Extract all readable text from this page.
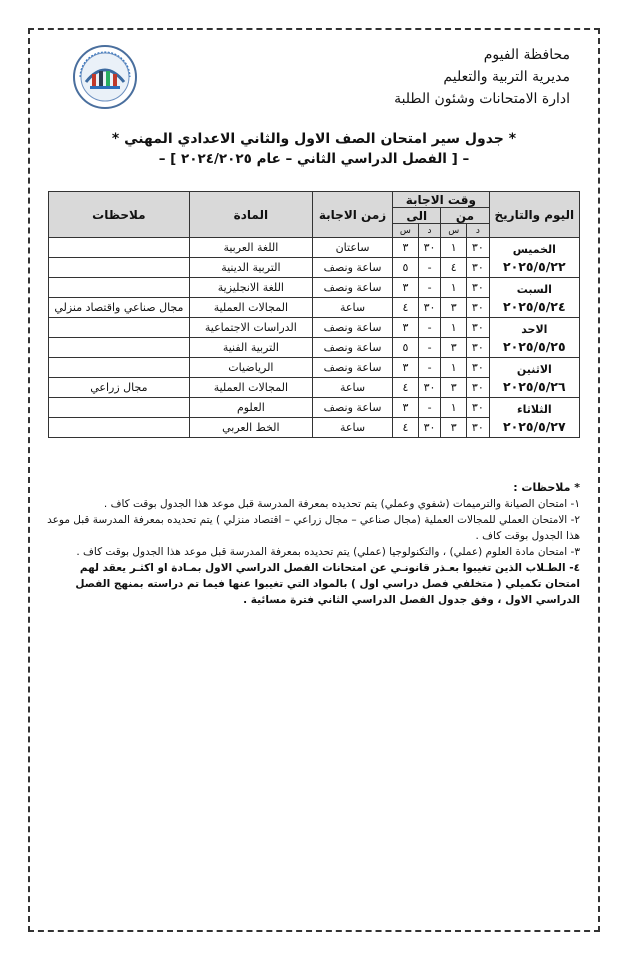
محافظة الفيوم
مديرية التربية والتعليم
ادارة الامتحانات وشئون الطلبة
* جدول سير امتحان الصف الاول والثاني الاعدادي المهني *
– [ الفصل الدراسي الثاني – عام ٢٠٢٤/٢٠٢٥ ] –
اليوم والتاريخ	وقت الاجابة				زمن الاجابة	المادة	ملاحظات
	من		الى				
	د	س	د	س			

الخميس
٢٠٢٥/٥/٢٢	٣٠	١	٣٠	٣	ساعتان	اللغة العربية	
	٣٠	٤	-	٥	ساعة ونصف	التربية الدينية	

السبت
٢٠٢٥/٥/٢٤	٣٠	١	-	٣	ساعة ونصف	اللغة الانجليزية	
	٣٠	٣	٣٠	٤	ساعة	المجالات العملية	مجال صناعي واقتصاد منزلي

الاحد
٢٠٢٥/٥/٢٥	٣٠	١	-	٣	ساعة ونصف	الدراسات الاجتماعية	
	٣٠	٣	-	٥	ساعة ونصف	التربية الفنية	

الاثنين
٢٠٢٥/٥/٢٦	٣٠	١	-	٣	ساعة ونصف	الرياضيات	
	٣٠	٣	٣٠	٤	ساعة	المجالات العملية	مجال زراعي

الثلاثاء
٢٠٢٥/٥/٢٧	٣٠	١	-	٣	ساعة ونصف	العلوم	
	٣٠	٣	٣٠	٤	ساعة	الخط العربي	

* ملاحظات :

١- امتحان الصيانة والترميمات (شفوي وعملي) يتم تحديده بمعرفة المدرسة قبل موعد هذا الجدول بوقت كاف .

٢- الامتحان العملي للمجالات العملية (مجال صناعي – مجال زراعي – اقتصاد منزلي ) يتم تحديده بمعرفة المدرسة قبل موعد هذا الجدول بوقت كاف .

٣- امتحان مادة العلوم (عملي) ، والتكنولوجيا (عملي) يتم تحديده بمعرفة المدرسة قبل موعد هذا الجدول بوقت كاف .

٤- الطـلاب الذين تغيبوا بعـذر قانونـي عن امتحانات الفصل الدراسي الاول بمـادة او اكثـر يعقد لهم امتحان تكميلي ( متخلفي فصل دراسي اول ) بالمواد التي تغيبوا عنها فيما تم دراسته بمنهج الفصل الدراسي الاول ، وفق جدول الفصل الدراسي الثاني فترة مسائية .
